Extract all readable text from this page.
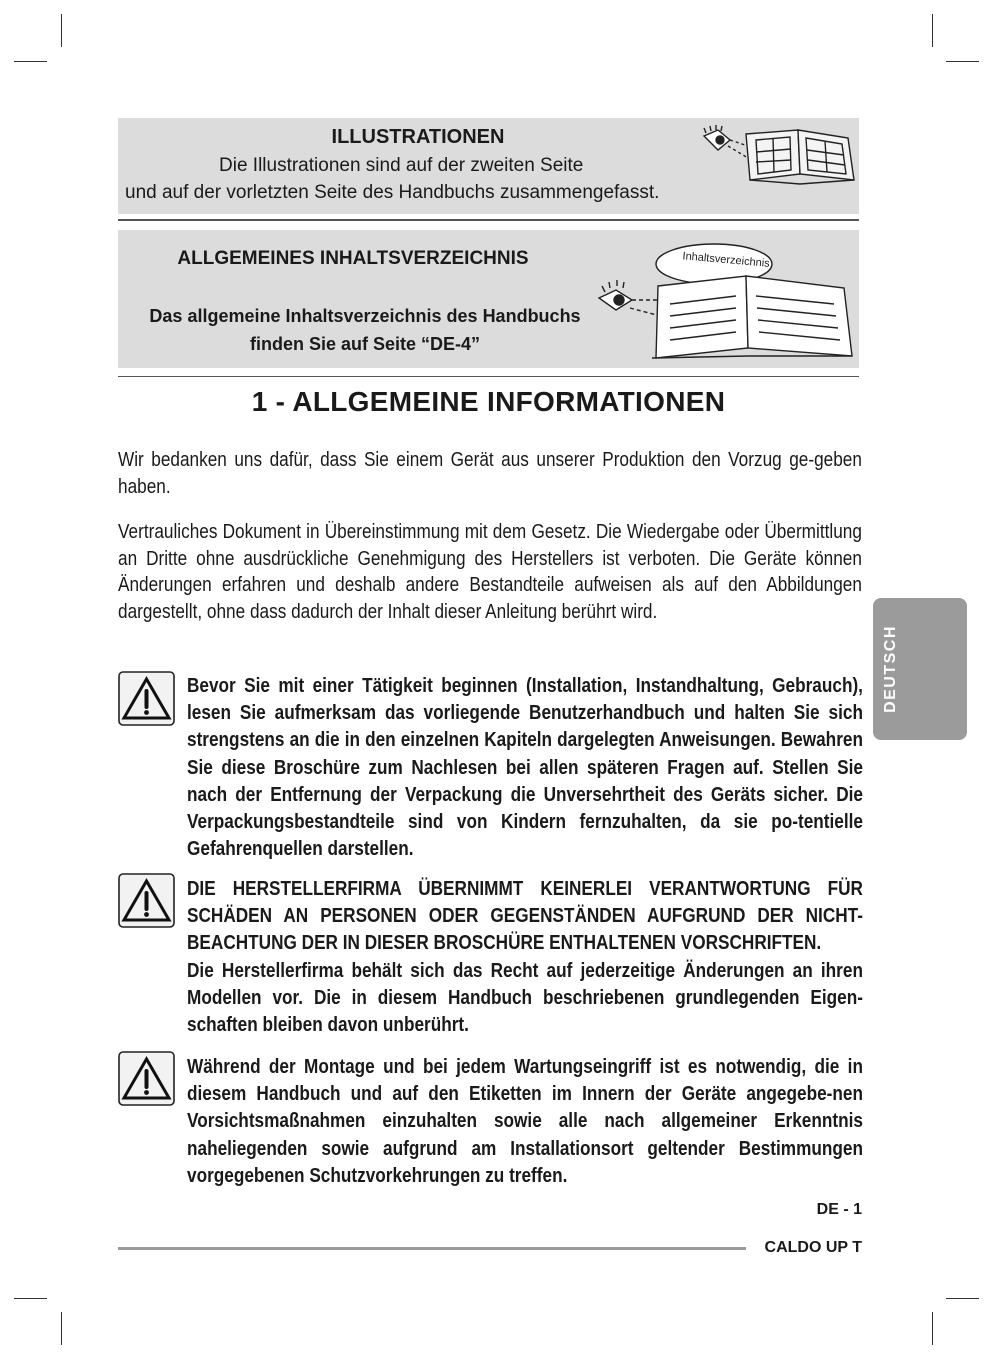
ILLUSTRATIONEN
Die Illustrationen sind auf der zweiten Seite
und auf der vorletzten Seite des Handbuchs zusammengefasst.
ALLGEMEINES INHALTSVERZEICHNIS
Das allgemeine Inhaltsverzeichnis des Handbuchs
finden Sie auf Seite “DE-4”
Inhaltsverzeichnis
1 - ALLGEMEINE INFORMATIONEN
Wir bedanken uns dafür, dass Sie einem Gerät aus unserer Produktion den Vorzug ge-geben haben.
Vertrauliches Dokument in Übereinstimmung mit dem Gesetz. Die Wiedergabe oder Übermittlung an Dritte ohne ausdrückliche Genehmigung des Herstellers ist verboten. Die Geräte können Änderungen erfahren und deshalb andere Bestandteile aufweisen als auf den Abbildungen dargestellt, ohne dass dadurch der Inhalt dieser Anleitung berührt wird.
Bevor Sie mit einer Tätigkeit beginnen (Installation, Instandhaltung, Gebrauch), lesen Sie aufmerksam das vorliegende Benutzerhandbuch und halten Sie sich strengstens an die in den einzelnen Kapiteln dargelegten Anweisungen. Bewahren Sie diese Broschüre zum Nachlesen bei allen späteren Fragen auf. Stellen Sie nach der Entfernung der Verpackung die Unversehrtheit des Geräts sicher. Die Verpackungsbestandteile sind von Kindern fernzuhalten, da sie po-tentielle Gefahrenquellen darstellen.
DIE HERSTELLERFIRMA ÜBERNIMMT KEINERLEI VERANTWORTUNG FÜR SCHÄDEN AN PERSONEN ODER GEGENSTÄNDEN AUFGRUND DER NICHT-BEACHTUNG DER IN DIESER BROSCHÜRE ENTHALTENEN VORSCHRIFTEN.
Die Herstellerfirma behält sich das Recht auf jederzeitige Änderungen an ihren Modellen vor. Die in diesem Handbuch beschriebenen grundlegenden Eigen-schaften bleiben davon unberührt.
Während der Montage und bei jedem Wartungseingriff ist es notwendig, die in diesem Handbuch und auf den Etiketten im Innern der Geräte angegebe-nen Vorsichtsmaßnahmen einzuhalten sowie alle nach allgemeiner Erkenntnis naheliegenden sowie aufgrund am Installationsort geltender Bestimmungen vorgegebenen Schutzvorkehrungen zu treffen.
DEUTSCH
DE - 1
CALDO UP T
